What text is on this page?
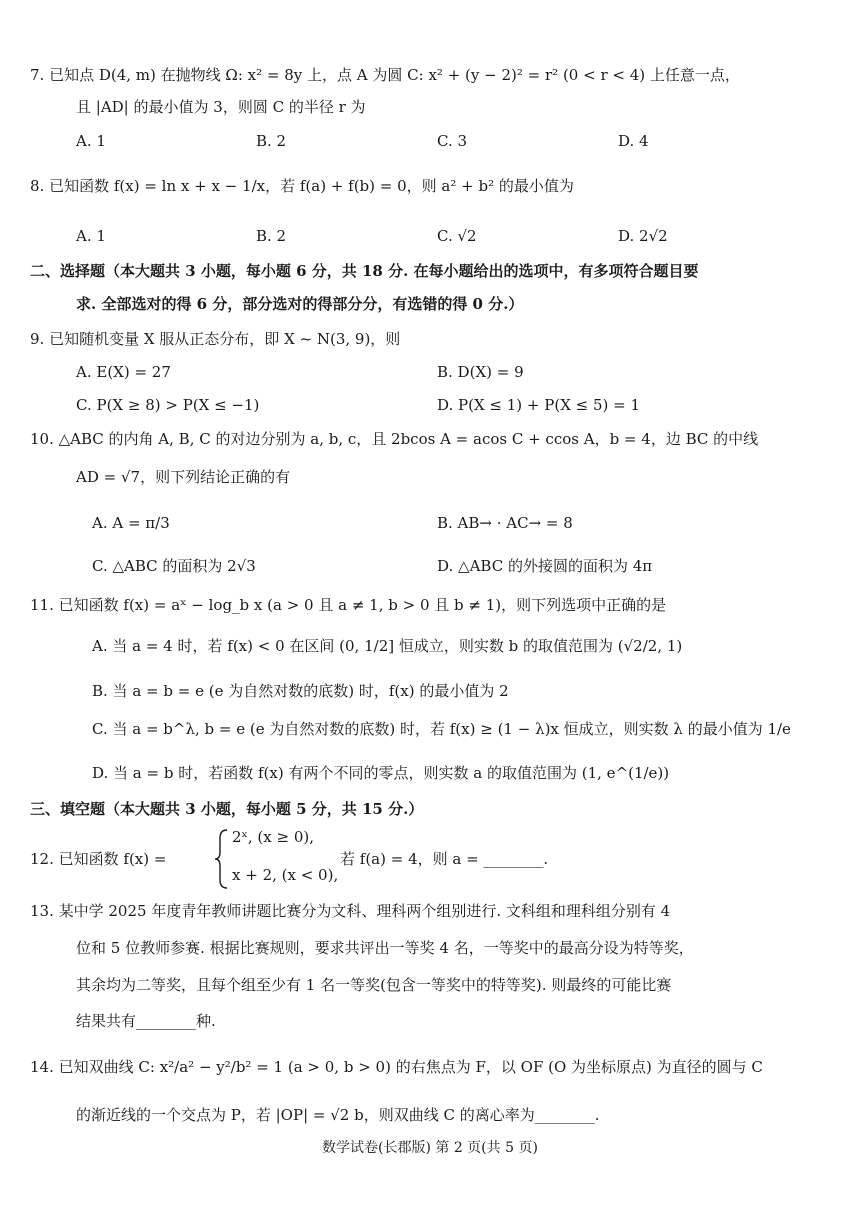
7. 已知点 D(4, m) 在抛物线 Ω: x² = 8y 上，点 A 为圆 C: x² + (y − 2)² = r² (0 < r < 4) 上任意一点，
且 |AD| 的最小值为 3，则圆 C 的半径 r 为
A. 1	B. 2	C. 3	D. 4
8. 已知函数 f(x) = ln x + x − 1/x，若 f(a) + f(b) = 0，则 a² + b² 的最小值为
A. 1	B. 2	C. √2	D. 2√2
二、选择题（本大题共 3 小题，每小题 6 分，共 18 分. 在每小题给出的选项中，有多项符合题目要
求. 全部选对的得 6 分，部分选对的得部分分，有选错的得 0 分.）
9. 已知随机变量 X 服从正态分布，即 X ~ N(3, 9)，则
A. E(X) = 27	B. D(X) = 9
C. P(X ≥ 8) > P(X ≤ −1)	D. P(X ≤ 1) + P(X ≤ 5) = 1
10. △ABC 的内角 A, B, C 的对边分别为 a, b, c，且 2bcos A = acos C + ccos A，b = 4，边 BC 的中线
AD = √7，则下列结论正确的有
A. A = π/3	B. AB→ · AC→ = 8
C. △ABC 的面积为 2√3	D. △ABC 的外接圆的面积为 4π
11. 已知函数 f(x) = aˣ − log_b x (a > 0 且 a ≠ 1, b > 0 且 b ≠ 1)，则下列选项中正确的是
A. 当 a = 4 时，若 f(x) < 0 在区间 (0, 1/2] 恒成立，则实数 b 的取值范围为 (√2/2, 1)
B. 当 a = b = e (e 为自然对数的底数) 时，f(x) 的最小值为 2
C. 当 a = b^λ, b = e (e 为自然对数的底数) 时，若 f(x) ≥ (1 − λ)x 恒成立，则实数 λ 的最小值为 1/e
D. 当 a = b 时，若函数 f(x) 有两个不同的零点，则实数 a 的取值范围为 (1, e^(1/e))
三、填空题（本大题共 3 小题，每小题 5 分，共 15 分.）
12. 已知函数 f(x) =
2ˣ, (x ≥ 0),
x + 2, (x < 0),
若 f(a) = 4，则 a = ________.
13. 某中学 2025 年度青年教师讲题比赛分为文科、理科两个组别进行. 文科组和理科组分别有 4
位和 5 位教师参赛. 根据比赛规则，要求共评出一等奖 4 名，一等奖中的最高分设为特等奖，
其余均为二等奖，且每个组至少有 1 名一等奖(包含一等奖中的特等奖). 则最终的可能比赛
结果共有________种.
14. 已知双曲线 C: x²/a² − y²/b² = 1 (a > 0, b > 0) 的右焦点为 F，以 OF (O 为坐标原点) 为直径的圆与 C
的渐近线的一个交点为 P，若 |OP| = √2 b，则双曲线 C 的离心率为________.
数学试卷(长郡版) 第 2 页(共 5 页)
